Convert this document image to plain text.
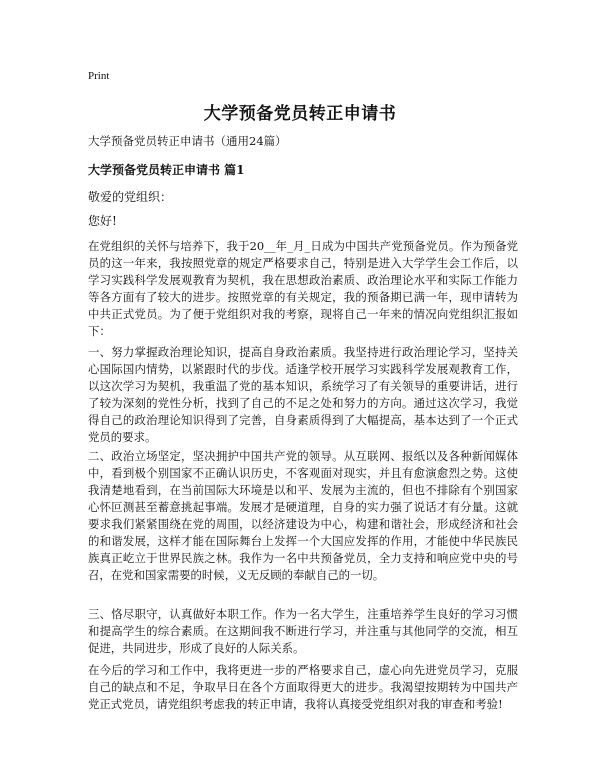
Print
大学预备党员转正申请书
大学预备党员转正申请书（通用24篇）
大学预备党员转正申请书 篇1
敬爱的党组织：
您好!
在党组织的关怀与培养下，我于20__年_月_日成为中国共产党预备党员。作为预备党员的这一年来，我按照党章的规定严格要求自己，特别是进入大学学生会工作后，以学习实践科学发展观教育为契机，我在思想政治素质、政治理论水平和实际工作能力等各方面有了较大的进步。按照党章的有关规定，我的预备期已满一年，现申请转为中共正式党员。为了便于党组织对我的考察，现将自己一年来的情况向党组织汇报如下：
一、努力掌握政治理论知识，提高自身政治素质。我坚持进行政治理论学习，坚持关心国际国内情势，以紧跟时代的步伐。适逢学校开展学习实践科学发展观教育工作，以这次学习为契机，我重温了党的基本知识，系统学习了有关领导的重要讲话，进行了较为深刻的党性分析，找到了自己的不足之处和努力的方向。通过这次学习，我觉得自己的政治理论知识得到了完善，自身素质得到了大幅提高，基本达到了一个正式党员的要求。
二、政治立场坚定，坚决拥护中国共产党的领导。从互联网、报纸以及各种新闻媒体中，看到极个别国家不正确认识历史，不客观面对现实，并且有愈演愈烈之势。这使我清楚地看到，在当前国际大环境是以和平、发展为主流的，但也不排除有个别国家心怀叵测甚至蓄意挑起事端。发展才是硬道理，自身的实力强了说话才有分量。这就要求我们紧紧围绕在党的周围，以经济建设为中心，构建和谐社会，形成经济和社会的和谐发展，这样才能在国际舞台上发挥一个大国应发挥的作用，才能使中华民族民族真正屹立于世界民族之林。我作为一名中共预备党员，全力支持和响应党中央的号召，在党和国家需要的时候，义无反顾的奉献自己的一切。
三、恪尽职守，认真做好本职工作。作为一名大学生，注重培养学生良好的学习习惯和提高学生的综合素质。在这期间我不断进行学习，并注重与其他同学的交流，相互促进，共同进步，形成了良好的人际关系。
在今后的学习和工作中，我将更进一步的严格要求自己，虚心向先进党员学习，克服自己的缺点和不足，争取早日在各个方面取得更大的进步。我渴望按期转为中国共产党正式党员，请党组织考虑我的转正申请，我将认真接受党组织对我的审查和考验!
